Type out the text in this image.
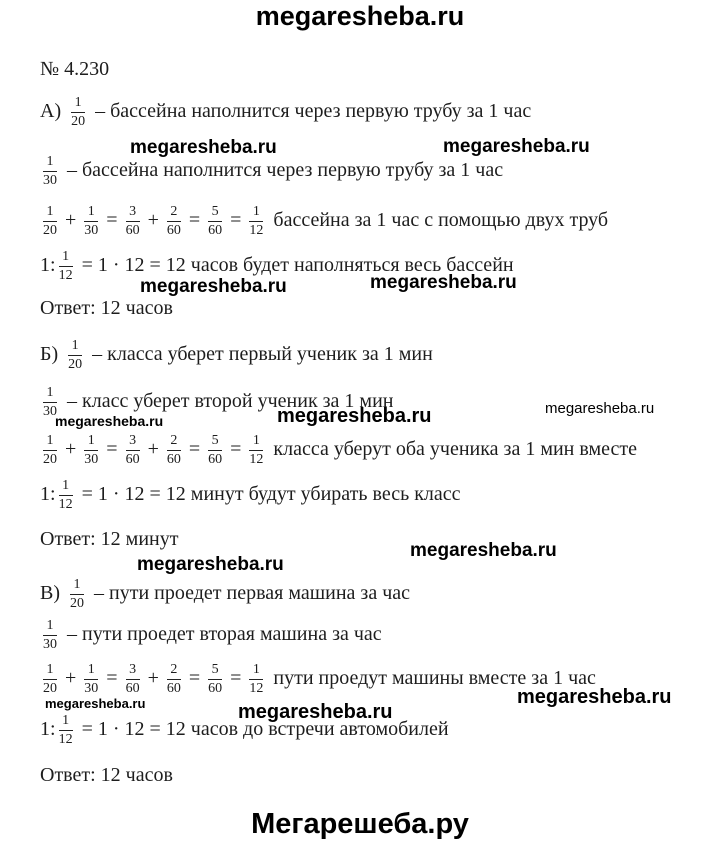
megaresheba.ru
megaresheba.ru	megaresheba.ru
megaresheba.ru	megaresheba.ru
megaresheba.ru	megaresheba.ru	megaresheba.ru
megaresheba.ru
megaresheba.ru
megaresheba.ru	megaresheba.ru
megaresheba.ru
№ 4.230
$А) \frac{1}{20}$ – бассейна наполнится через первую трубу за 1 час
$\frac{1}{30}$ – бассейна наполнится через первую трубу за 1 час
$\frac{1}{20} + \frac{1}{30} = \frac{3}{60} + \frac{2}{60} = \frac{5}{60} = \frac{1}{12}$ бассейна за 1 час с помощью двух труб
1: $\frac{1}{12} = 1 \cdot 12 = 12$ часов будет наполняться весь бассейн
Ответ: 12 часов
$Б) \frac{1}{20}$ – класса уберет первый ученик за 1 мин
$\frac{1}{30}$ – класс уберет второй ученик за 1 мин
$\frac{1}{20} + \frac{1}{30} = \frac{3}{60} + \frac{2}{60} = \frac{5}{60} = \frac{1}{12}$ класса уберут оба ученика за 1 мин вместе
1: $\frac{1}{12} = 1 \cdot 12 = 12$ минут будут убирать весь класс
Ответ: 12 минут
$В) \frac{1}{20}$ – пути проедет первая машина за час
$\frac{1}{30}$ – пути проедет вторая машина за час
$\frac{1}{20} + \frac{1}{30} = \frac{3}{60} + \frac{2}{60} = \frac{5}{60} = \frac{1}{12}$ пути проедут машины вместе за 1 час
1: $\frac{1}{12} = 1 \cdot 12 = 12$ часов до встречи автомобилей
Ответ: 12 часов
Мегарешеба.ру
